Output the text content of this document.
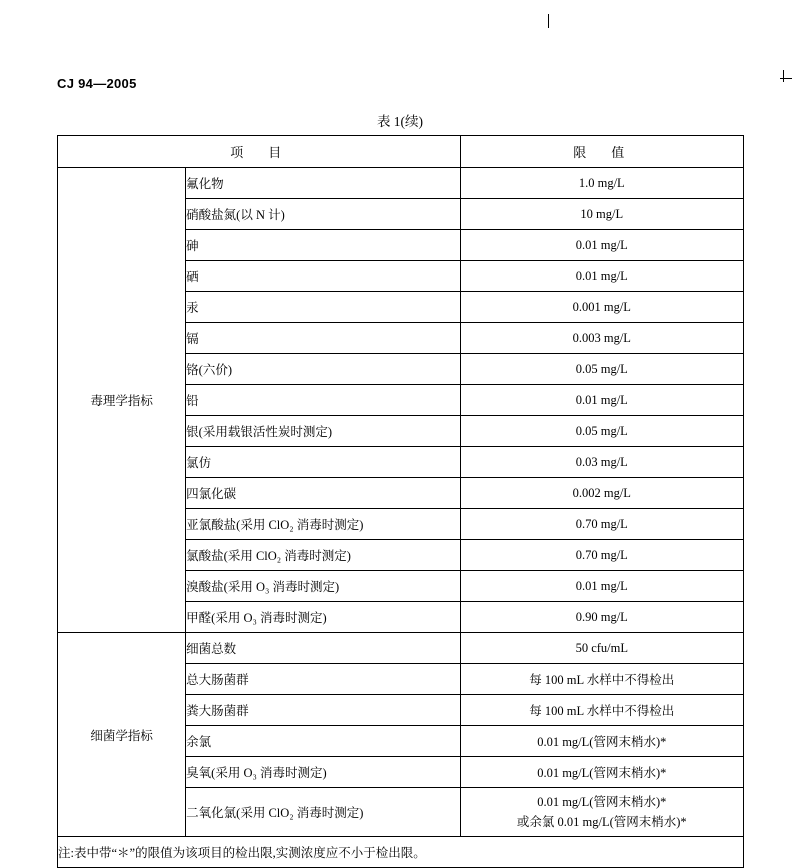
CJ 94—2005
表 1(续)
项　目		限　值
毒理学指标	氟化物	1.0 mg/L
	硝酸盐氮(以 N 计)	10 mg/L
	砷	0.01 mg/L
	硒	0.01 mg/L
	汞	0.001 mg/L
	镉	0.003 mg/L
	铬(六价)	0.05 mg/L
	铅	0.01 mg/L
	银(采用载银活性炭时测定)	0.05 mg/L
	氯仿	0.03 mg/L
	四氯化碳	0.002 mg/L
	亚氯酸盐(采用 ClO₂ 消毒时测定)	0.70 mg/L
	氯酸盐(采用 ClO₂ 消毒时测定)	0.70 mg/L
	溴酸盐(采用 O₃ 消毒时测定)	0.01 mg/L
	甲醛(采用 O₃ 消毒时测定)	0.90 mg/L
细菌学指标	细菌总数	50 cfu/mL
	总大肠菌群	每 100 mL 水样中不得检出
	粪大肠菌群	每 100 mL 水样中不得检出
	余氯	0.01 mg/L(管网末梢水)*
	臭氧(采用 O₃ 消毒时测定)	0.01 mg/L(管网末梢水)*
	二氧化氯(采用 ClO₂ 消毒时测定)	0.01 mg/L(管网末梢水)*
或余氯 0.01 mg/L(管网末梢水)*

注:表中带“＊”的限值为该项目的检出限,实测浓度应不小于检出限。		
